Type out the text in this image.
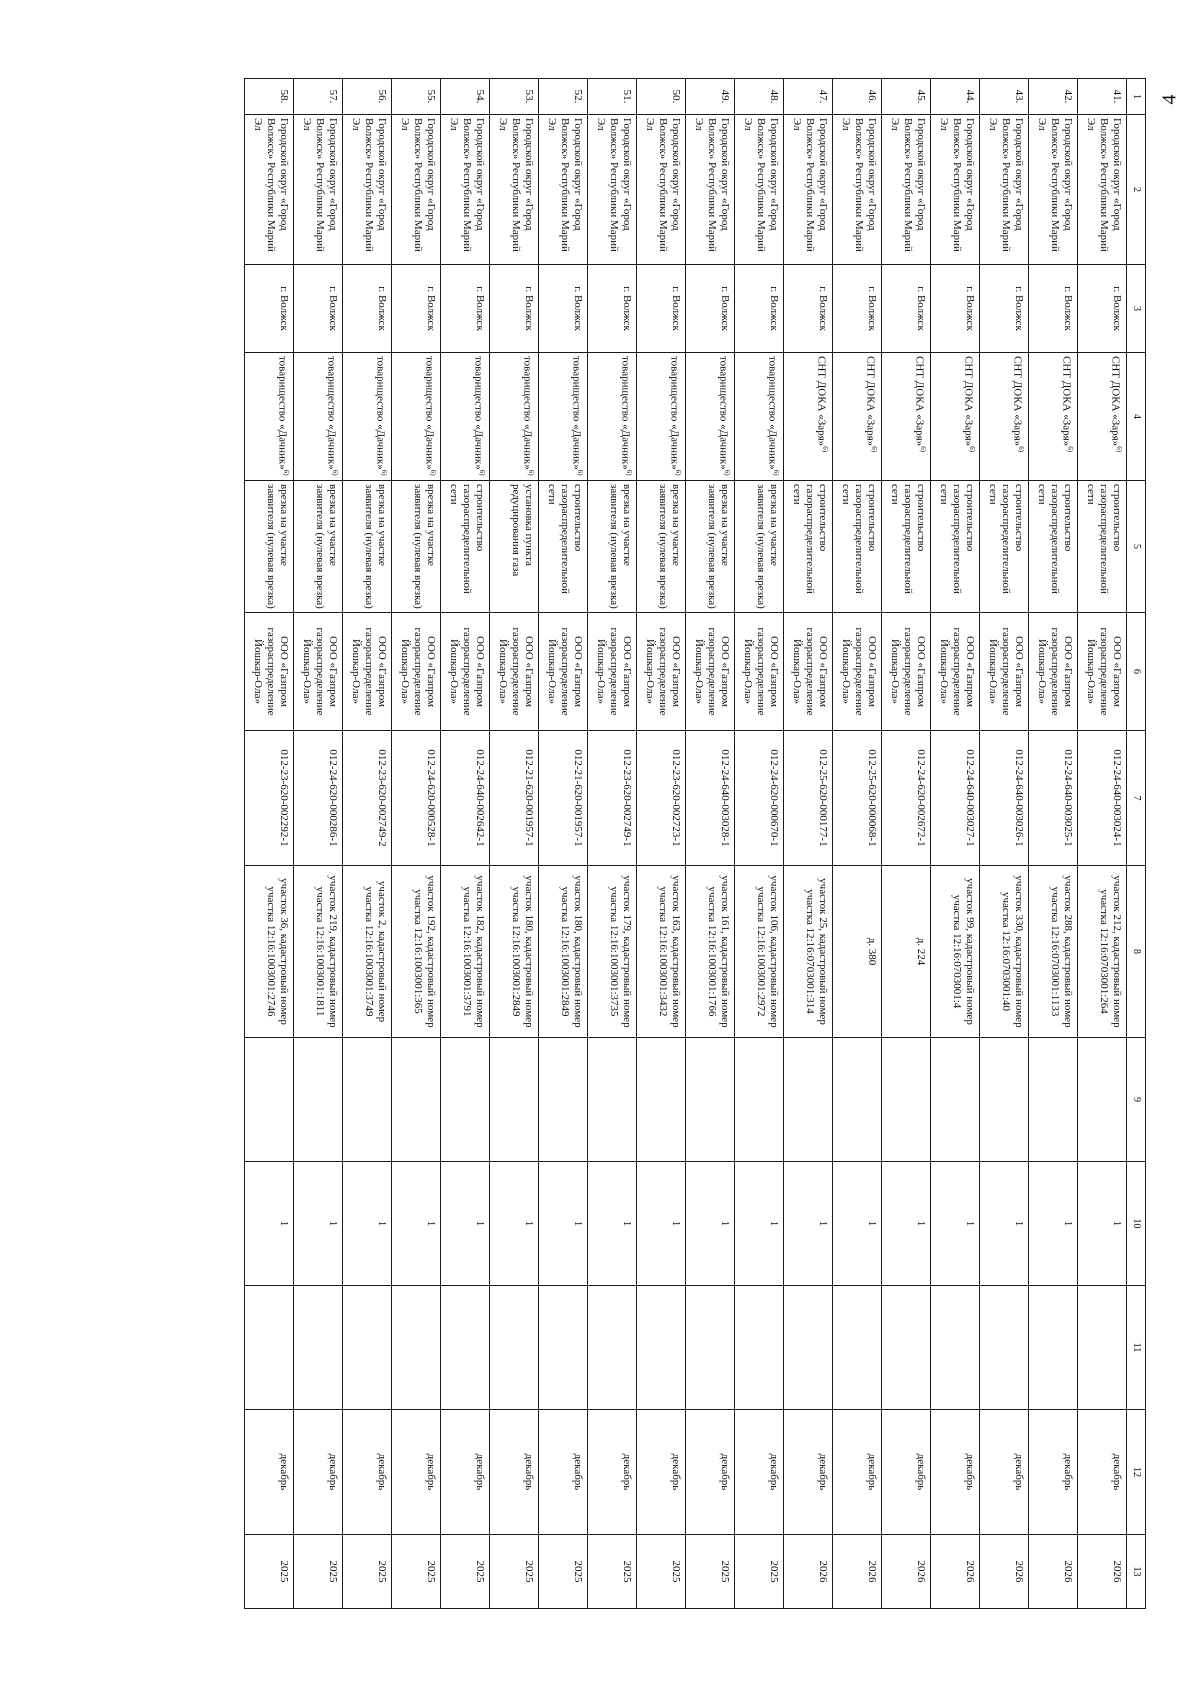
4
1	2	3	4	5	6	7	8	9	10	11	12	13
41.	Городской округ «Город Волжск» Республики Марий Эл	г. Волжск	СНТ ДОКА «Заря»$^{6)}$	строительство газораспределительной сети	ООО «Газпром газораспределение Йошкар-Ола»	012-24-640-003024-1	участок 212, кадастровый номер участка 12:16:0703001:264		1		декабрь	2026
42.	Городской округ «Город Волжск» Республики Марий Эл	г. Волжск	СНТ ДОКА «Заря»$^{6)}$	строительство газораспределительной сети	ООО «Газпром газораспределение Йошкар-Ола»	012-24-640-003025-1	участок 288, кадастровый номер участка 12:16:0703001:1133		1		декабрь	2026
43.	Городской округ «Город Волжск» Республики Марий Эл	г. Волжск	СНТ ДОКА «Заря»$^{6)}$	строительство газораспределительной сети	ООО «Газпром газораспределение Йошкар-Ола»	012-24-640-003026-1	участок 330, кадастровый номер участка 12:16:0703001:40		1		декабрь	2026
44.	Городской округ «Город Волжск» Республики Марий Эл	г. Волжск	СНТ ДОКА «Заря»$^{6)}$	строительство газораспределительной сети	ООО «Газпром газораспределение Йошкар-Ола»	012-24-640-003027-1	участок 99, кадастровый номер участка 12:16:0703001:4		1		декабрь	2026
45.	Городской округ «Город Волжск» Республики Марий Эл	г. Волжск	СНТ ДОКА «Заря»$^{6)}$	строительство газораспределительной сети	ООО «Газпром газораспределение Йошкар-Ола»	012-24-620-002672-1	д. 224		1		декабрь	2026
46.	Городской округ «Город Волжск» Республики Марий Эл	г. Волжск	СНТ ДОКА «Заря»$^{6)}$	строительство газораспределительной сети	ООО «Газпром газораспределение Йошкар-Ола»	012-25-620-000068-1	д. 380		1		декабрь	2026
47.	Городской округ «Город Волжск» Республики Марий Эл	г. Волжск	СНТ ДОКА «Заря»$^{6)}$	строительство газораспределительной сети	ООО «Газпром газораспределение Йошкар-Ола»	012-25-620-000177-1	участок 25, кадастровый номер участка 12:16:0703001:314		1		декабрь	2026
48.	Городской округ «Город Волжск» Республики Марий Эл	г. Волжск	товарищество «Дачник»$^{6)}$	врезка на участке заявителя (нулевая врезка)	ООО «Газпром газораспределение Йошкар-Ола»	012-24-620-000670-1	участок 106, кадастровый номер участка 12:16:1003001:2972		1		декабрь	2025
49.	Городской округ «Город Волжск» Республики Марий Эл	г. Волжск	товарищество «Дачник»$^{6)}$	врезка на участке заявителя (нулевая врезка)	ООО «Газпром газораспределение Йошкар-Ола»	012-24-640-003028-1	участок 161, кадастровый номер участка 12:16:1003001:1766		1		декабрь	2025
50.	Городской округ «Город Волжск» Республики Марий Эл	г. Волжск	товарищество «Дачник»$^{6)}$	врезка на участке заявителя (нулевая врезка)	ООО «Газпром газораспределение Йошкар-Ола»	012-23-620-002723-1	участок 163, кадастровый номер участка 12:16:1003001:3432		1		декабрь	2025
51.	Городской округ «Город Волжск» Республики Марий Эл	г. Волжск	товарищество «Дачник»$^{6)}$	врезка на участке заявителя (нулевая врезка)	ООО «Газпром газораспределение Йошкар-Ола»	012-23-620-002749-1	участок 179, кадастровый номер участка 12:16:1003001:3735		1		декабрь	2025
52.	Городской округ «Город Волжск» Республики Марий Эл	г. Волжск	товарищество «Дачник»$^{6)}$	строительство газораспределительной сети	ООО «Газпром газораспределение Йошкар-Ола»	012-21-620-001957-1	участок 180, кадастровый номер участка 12:16:1003001:2849		1		декабрь	2025
53.	Городской округ «Город Волжск» Республики Марий Эл	г. Волжск	товарищество «Дачник»$^{6)}$	установка пункта редуцирования газа	ООО «Газпром газораспределение Йошкар-Ола»	012-21-620-001957-1	участок 180, кадастровый номер участка 12:16:1003001:2849		1		декабрь	2025
54.	Городской округ «Город Волжск» Республики Марий Эл	г. Волжск	товарищество «Дачник»$^{6)}$	строительство газораспределительной сети	ООО «Газпром газораспределение Йошкар-Ола»	012-24-640-002642-1	участок 182, кадастровый номер участка 12:16:1003001:3791		1		декабрь	2025
55.	Городской округ «Город Волжск» Республики Марий Эл	г. Волжск	товарищество «Дачник»$^{6)}$	врезка на участке заявителя (нулевая врезка)	ООО «Газпром газораспределение Йошкар-Ола»	012-24-620-000528-1	участок 192, кадастровый номер участка 12:16:1003001:365		1		декабрь	2025
56.	Городской округ «Город Волжск» Республики Марий Эл	г. Волжск	товарищество «Дачник»$^{6)}$	врезка на участке заявителя (нулевая врезка)	ООО «Газпром газораспределение Йошкар-Ола»	012-23-620-002749-2	участок 2, кадастровый номер участка 12:16:1003001:3749		1		декабрь	2025
57.	Городской округ «Город Волжск» Республики Марий Эл	г. Волжск	товарищество «Дачник»$^{6)}$	врезка на участке заявителя (нулевая врезка)	ООО «Газпром газораспределение Йошкар-Ола»	012-24-620-000286-1	участок 219, кадастровый номер участка 12:16:1003001:1811		1		декабрь	2025
58.	Городской округ «Город Волжск» Республики Марий Эл	г. Волжск	товарищество «Дачник»$^{6)}$	врезка на участке заявителя (нулевая врезка)	ООО «Газпром газораспределение Йошкар-Ола»	012-23-620-002292-1	участок 36, кадастровый номер участка 12:16:1003001:2746		1		декабрь	2025
